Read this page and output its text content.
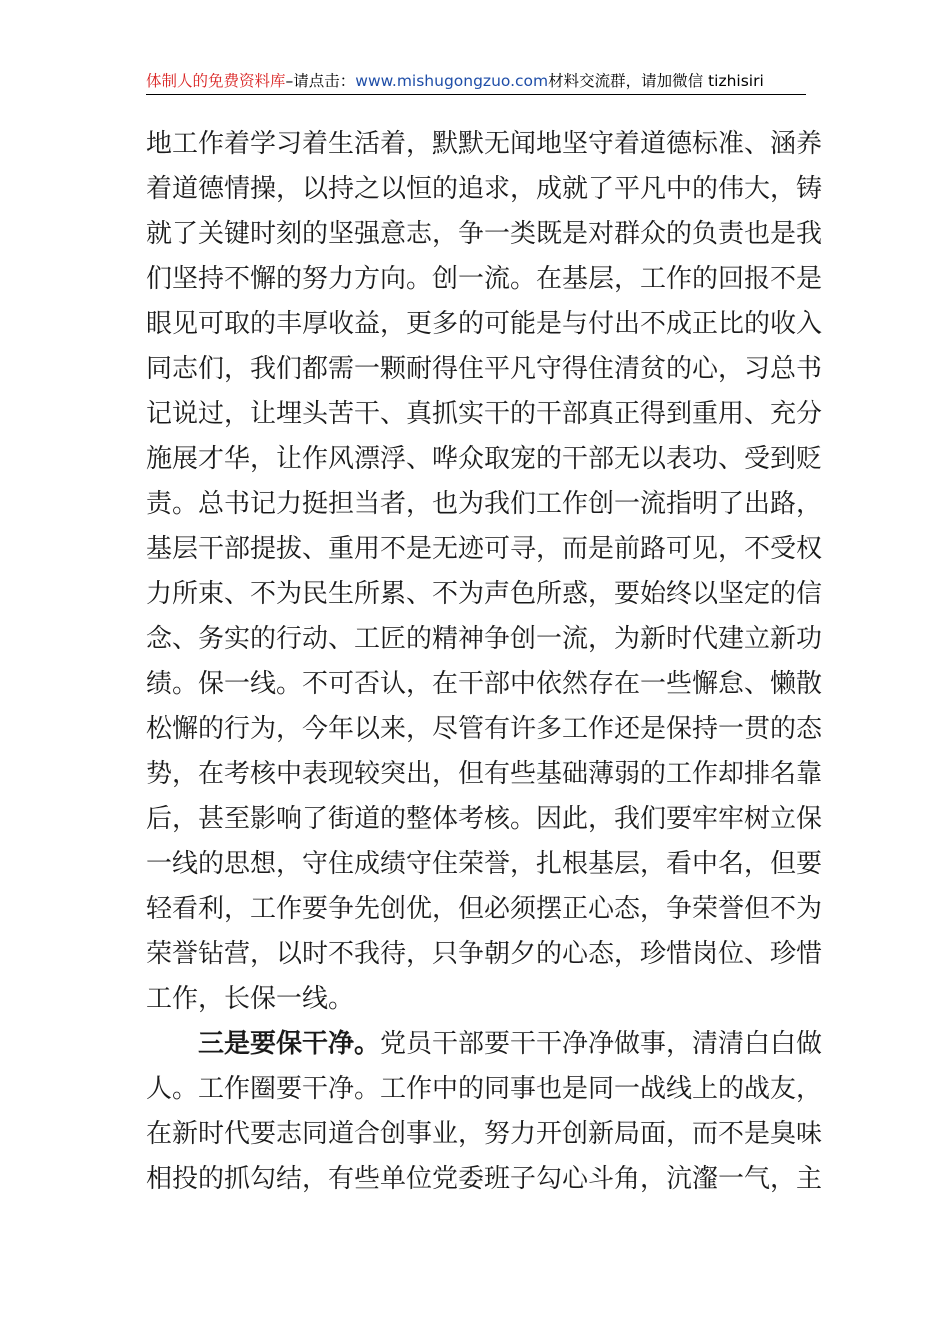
体制人的免费资料库–请点击：www.mishugongzuo.com材料交流群，请加微信 tizhisiri
地工作着学习着生活着，默默无闻地坚守着道德标准、涵养
着道德情操，以持之以恒的追求，成就了平凡中的伟大，铸
就了关键时刻的坚强意志，争一类既是对群众的负责也是我
们坚持不懈的努力方向。创一流。在基层，工作的回报不是
眼见可取的丰厚收益，更多的可能是与付出不成正比的收入
同志们，我们都需一颗耐得住平凡守得住清贫的心，习总书
记说过，让埋头苦干、真抓实干的干部真正得到重用、充分
施展才华，让作风漂浮、哗众取宠的干部无以表功、受到贬
责。总书记力挺担当者，也为我们工作创一流指明了出路，
基层干部提拔、重用不是无迹可寻，而是前路可见，不受权
力所束、不为民生所累、不为声色所惑，要始终以坚定的信
念、务实的行动、工匠的精神争创一流，为新时代建立新功
绩。保一线。不可否认，在干部中依然存在一些懈怠、懒散
松懈的行为，今年以来，尽管有许多工作还是保持一贯的态
势，在考核中表现较突出，但有些基础薄弱的工作却排名靠
后，甚至影响了街道的整体考核。因此，我们要牢牢树立保
一线的思想，守住成绩守住荣誉，扎根基层，看中名，但要
轻看利，工作要争先创优，但必须摆正心态，争荣誉但不为
荣誉钻营，以时不我待，只争朝夕的心态，珍惜岗位、珍惜
工作，长保一线。
三是要保干净。党员干部要干干净净做事，清清白白做
人。工作圈要干净。工作中的同事也是同一战线上的战友，
在新时代要志同道合创事业，努力开创新局面，而不是臭味
相投的抓勾结，有些单位党委班子勾心斗角，沆瀣一气，主
